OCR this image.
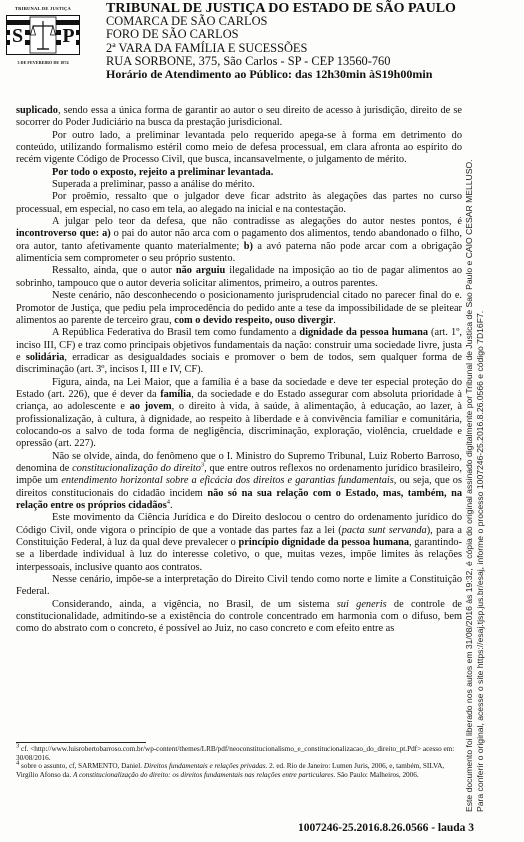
TRIBUNAL DE JUSTIÇA
S P
3 DE FEVEREIRO DE 1874
TRIBUNAL DE JUSTIÇA DO ESTADO DE SÃO PAULO
COMARCA DE SÃO CARLOS
FORO DE SÃO CARLOS
2ª VARA DA FAMÍLIA E SUCESSÕES
RUA SORBONE, 375, São Carlos - SP - CEP 13560-760
Horário de Atendimento ao Público: das 12h30min àS19h00min
Este documento foi liberado nos autos em 31/08/2016 às 19:32, é cópia do original assinado digitalmente por Tribunal de Justica de Sao Paulo e CAIO CESAR MELLUSO. Para conferir o original, acesse o site https://esaj.tjsp.jus.br/esaj, informe o processo 1007246-25.2016.8.26.0566 e código 7D16F7.

suplicado, sendo essa a única forma de garantir ao autor o seu direito de acesso à jurisdição, direito de se socorrer do Poder Judiciário na busca da prestação jurisdicional.

Por outro lado, a preliminar levantada pelo requerido apega-se à forma em detrimento do conteúdo, utilizando formalismo estéril como meio de defesa processual, em clara afronta ao espírito do recém vigente Código de Processo Civil, que busca, incansavelmente, o julgamento de mérito.

Por todo o exposto, rejeito a preliminar levantada.

Superada a preliminar, passo a análise do mérito.

Por proêmio, ressalto que o julgador deve ficar adstrito às alegações das partes no curso processual, em especial, no caso em tela, ao alegado na inicial e na contestação.

A julgar pelo teor da defesa, que não contradisse as alegações do autor nestes pontos, é incontroverso que: a) o pai do autor não arca com o pagamento dos alimentos, tendo abandonado o filho, ora autor, tanto afetivamente quanto materialmente; b) a avó paterna não pode arcar com a obrigação alimentícia sem comprometer o seu próprio sustento.

Ressalto, ainda, que o autor não arguiu ilegalidade na imposição ao tio de pagar alimentos ao sobrinho, tampouco que o autor deveria solicitar alimentos, primeiro, a outros parentes.

Neste cenário, não desconhecendo o posicionamento jurisprudencial citado no parecer final do e. Promotor de Justiça, que pediu pela improcedência do pedido ante a tese da impossibilidade de se pleitear alimentos ao parente de terceiro grau, com o devido respeito, ouso divergir.

A República Federativa do Brasil tem como fundamento a dignidade da pessoa humana (art. 1º, inciso III, CF) e traz como principais objetivos fundamentais da nação: construir uma sociedade livre, justa e solidária, erradicar as desigualdades sociais e promover o bem de todos, sem qualquer forma de discriminação (art. 3º, incisos I, III e IV, CF).

Figura, ainda, na Lei Maior, que a família é a base da sociedade e deve ter especial proteção do Estado (art. 226), que é dever da família, da sociedade e do Estado assegurar com absoluta prioridade à criança, ao adolescente e ao jovem, o direito à vida, à saúde, à alimentação, à educação, ao lazer, à profissionalização, à cultura, à dignidade, ao respeito à liberdade e à convivência familiar e comunitária, colocando-os a salvo de toda forma de negligência, discriminação, exploração, violência, crueldade e opressão (art. 227).

Não se olvide, ainda, do fenômeno que o I. Ministro do Supremo Tribunal, Luiz Roberto Barroso, denomina de constitucionalização do direito$^3$, que entre outros reflexos no ordenamento jurídico brasileiro, impõe um entendimento horizontal sobre a eficácia dos direitos e garantias fundamentais, ou seja, que os direitos constitucionais do cidadão incidem não só na sua relação com o Estado, mas, também, na relação entre os próprios cidadãos$^4$.

Este movimento da Ciência Jurídica e do Direito deslocou o centro do ordenamento jurídico do Código Civil, onde vigora o princípio de que a vontade das partes faz a lei (pacta sunt servanda), para a Constituição Federal, à luz da qual deve prevalecer o princípio dignidade da pessoa humana, garantindo-se a liberdade individual à luz do interesse coletivo, o que, muitas vezes, impõe limites às relações interpessoais, inclusive quanto aos contratos.

Nesse cenário, impõe-se a interpretação do Direito Civil tendo como norte e limite a Constituição Federal.

Considerando, ainda, a vigência, no Brasil, de um sistema sui generis de controle de constitucionalidade, admitindo-se a existência do controle concentrado em harmonia com o difuso, bem como do abstrato com o concreto, é possível ao Juiz, no caso concreto e com efeito entre as

$^3$ cf. <http://www.luisrobertobarroso.com.br/wp-content/themes/LRB/pdf/neoconstitucionalismo_e_constitucionalizacao_do_direito_pt.Pdf> acesso em: 30/08/2016.

$^4$ sobre o assunto, cf, SARMENTO, Daniel. Direitos fundamentais e relações privadas. 2. ed. Rio de Janeiro: Lumen Juris, 2006, e, também, SILVA, Virgílio Afonso da. A constitucionalização do direito: os direitos fundamentais nas relações entre particulares. São Paulo: Malheiros, 2006.

1007246-25.2016.8.26.0566 - lauda 3
